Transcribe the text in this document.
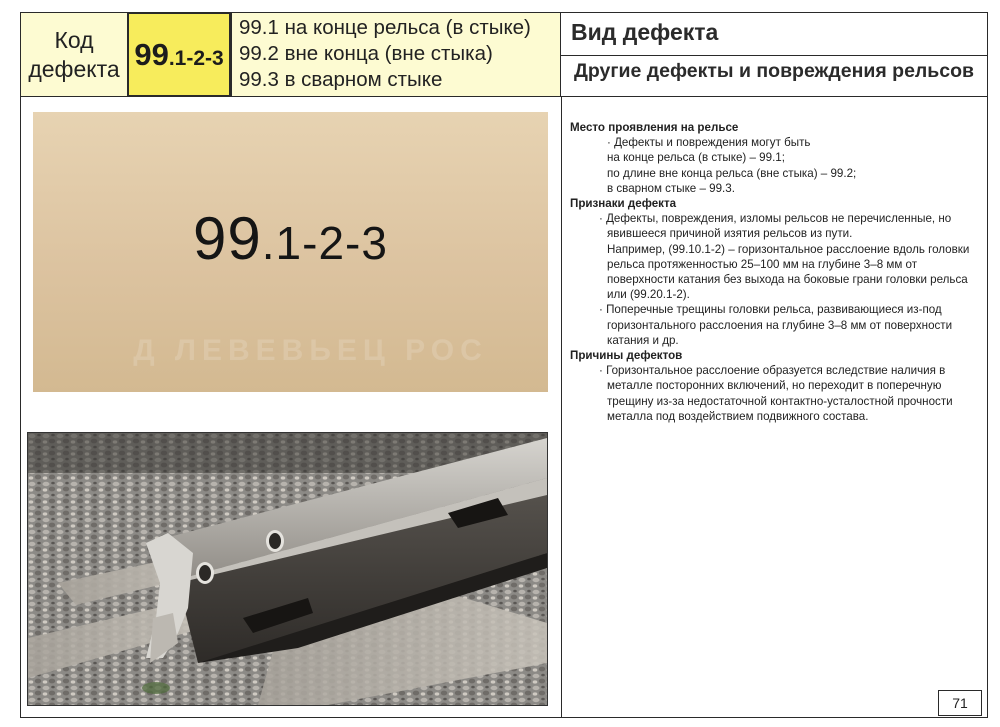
Код дефекта 99 .1-2-3
99.1 на конце рельса (в стыке)
99.2 вне конца (вне стыка)
99.3 в сварном стыке
Вид дефекта
Другие дефекты и повреждения рельсов
99.1-2-3
Д ЛЕВЕВЬЕЦ РОС
Место проявления на рельсе
· Дефекты и повреждения могут быть
на конце рельса (в стыке) – 99.1;
по длине вне конца рельса (вне стыка) – 99.2;
в сварном стыке – 99.3.
Признаки дефекта
· Дефекты, повреждения, изломы рельсов не перечисленные, но явившееся причиной изятия рельсов из пути.
Например, (99.10.1-2) – горизонтальное расслоение вдоль головки рельса протяженностью 25–100 мм на глубине 3–8 мм от поверхности катания без выхода на боковые грани головки рельса или (99.20.1-2).
· Поперечные трещины головки рельса, развивающиеся из-под горизонтального расслоения на глубине 3–8 мм от поверхности катания и др.
Причины дефектов
· Горизонтальное расслоение образуется вследствие наличия в металле посторонних включений, но переходит в поперечную трещину из-за недостаточной контактно-усталостной прочности металла под воздействием подвижного состава.
71
